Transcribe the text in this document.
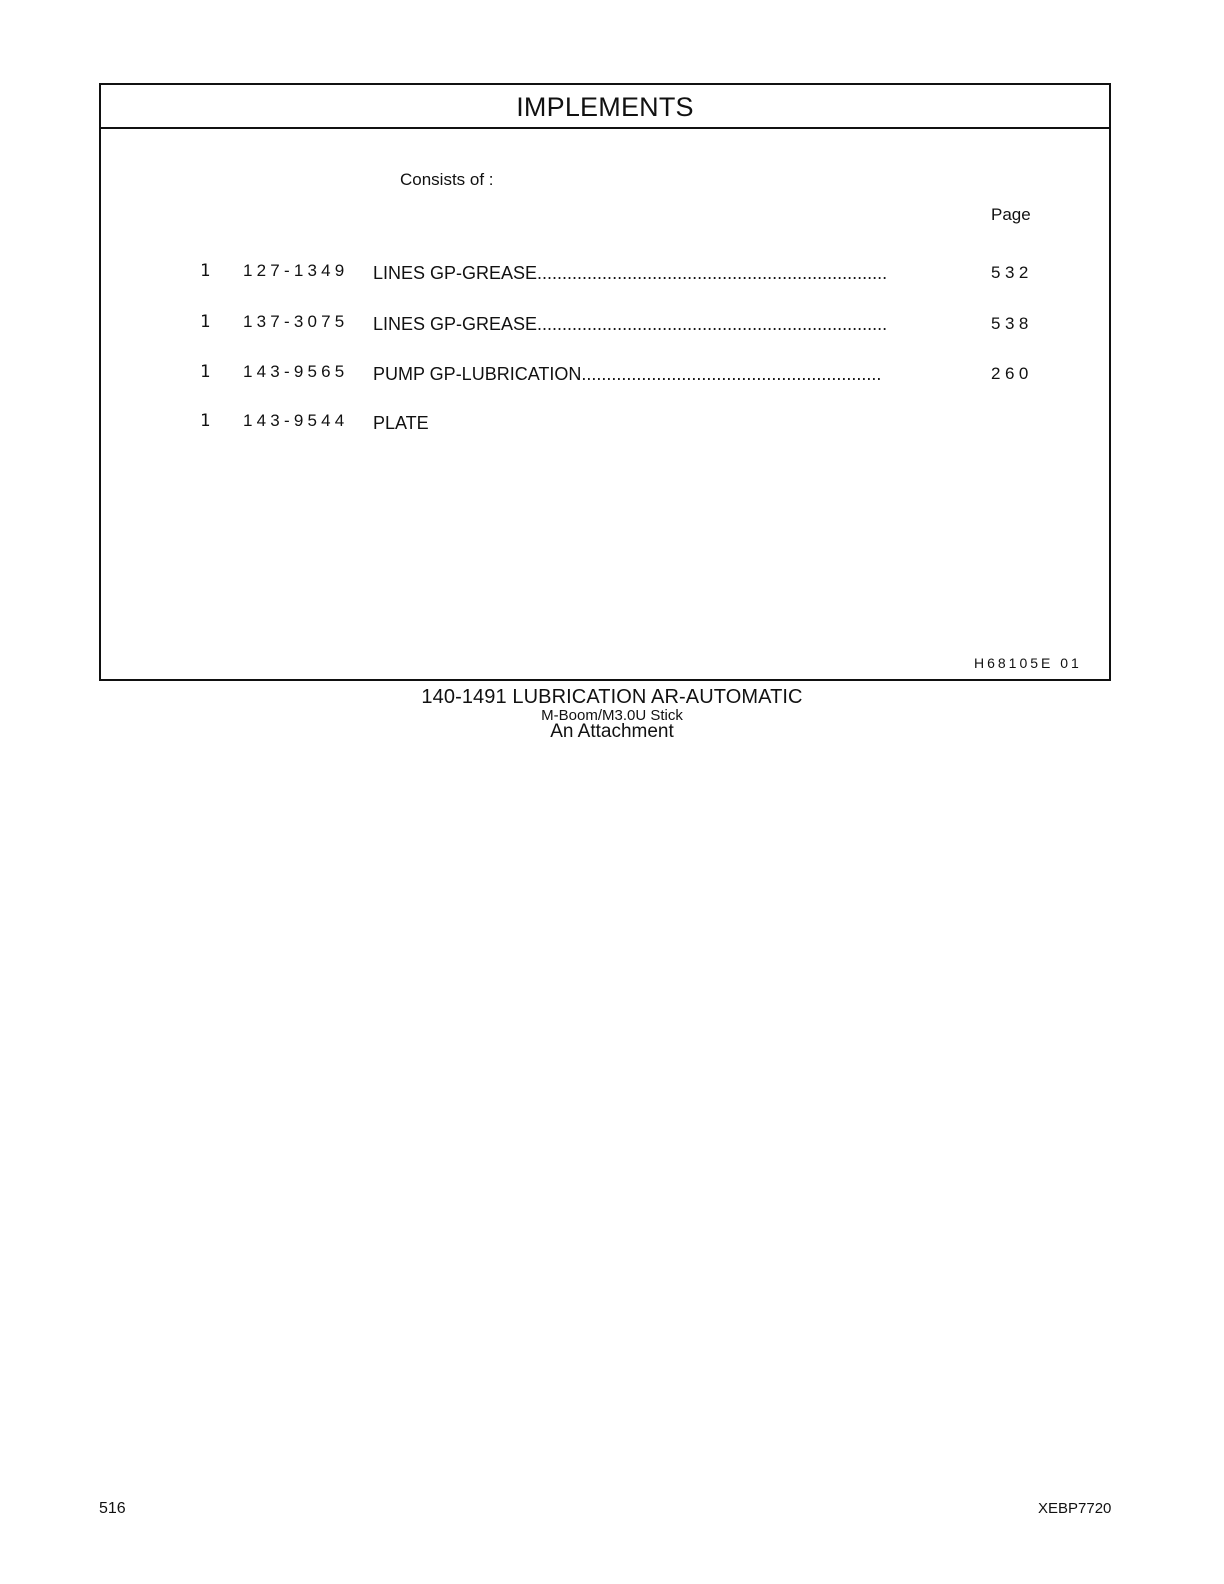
IMPLEMENTS
Consists of :
Page
1 127-1349 LINES GP-GREASE......................................................................	532
1 137-3075 LINES GP-GREASE......................................................................	538
1 143-9565 PUMP GP-LUBRICATION............................................................	260
1 143-9544 PLATE
H68105E 01
140-1491 LUBRICATION AR-AUTOMATIC
M-Boom/M3.0U Stick
An Attachment
516	XEBP7720
